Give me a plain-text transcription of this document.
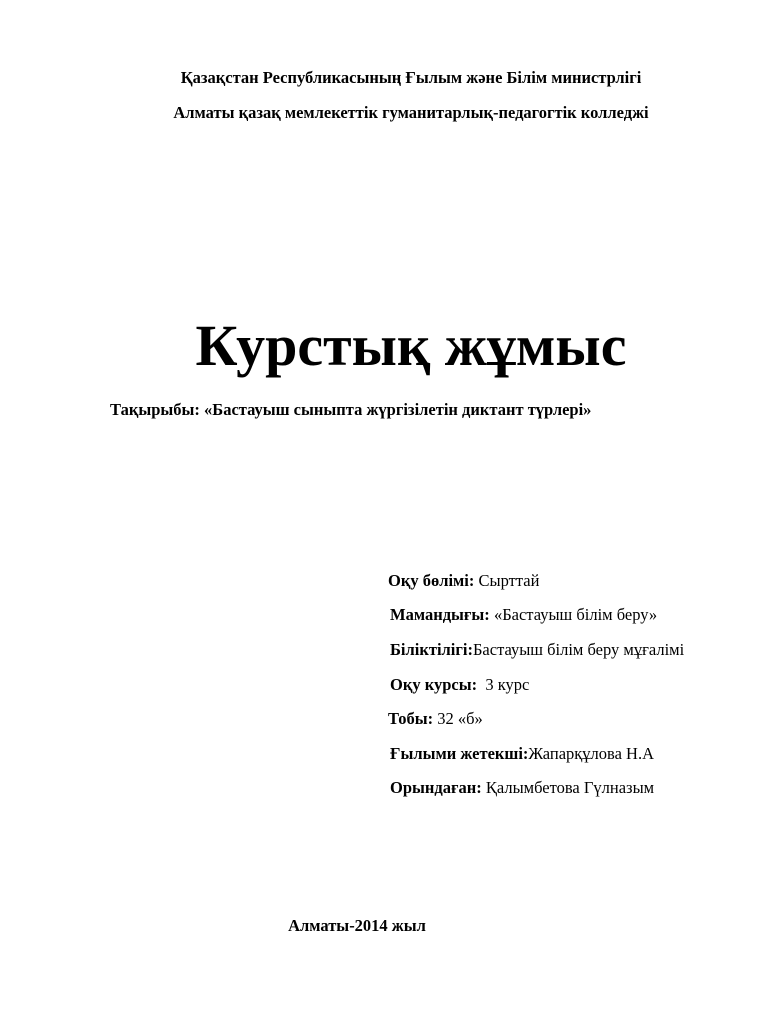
Қазақстан Республикасының Ғылым және Білім министрлігі
Алматы қазақ мемлекеттік гуманитарлық-педагогтік колледжі
Курстық жұмыс
Тақырыбы: «Бастауыш сыныпта жүргізілетін диктант түрлері»
Оқу бөлімі: Сырттай
Мамандығы: «Бастауыш білім беру»
Біліктілігі:Бастауыш білім беру мұғалімі
Оқу курсы:  3 курс
Тобы: 32 «б»
Ғылыми жетекші:Жапарқұлова Н.А
Орындаған: Қалымбетова Гүлназым
Алматы-2014 жыл
